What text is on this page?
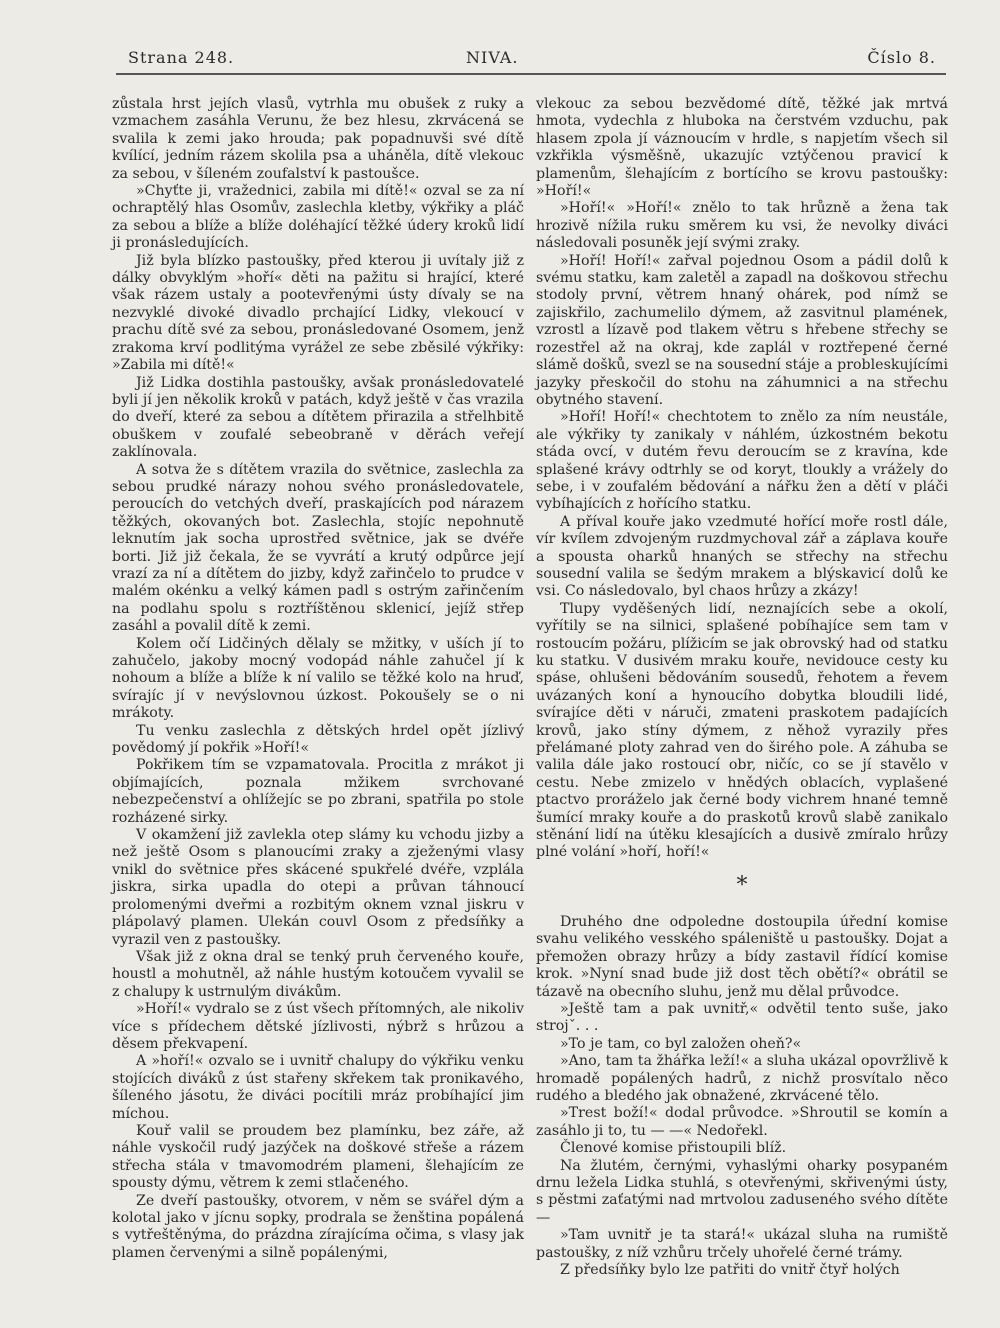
Strana 248.	NIVA.	Číslo 8.

zůstala hrst jejích vlasů, vytrhla mu obušek z ruky a vzmachem zasáhla Verunu, že bez hlesu, zkrvácená se svalila k zemi jako hrouda; pak popadnuvši své dítě kvílící, jedním rázem skolila psa a uháněla, dítě vlekouc za sebou, v šíleném zoufalství k pastoušce.

»Chyťte ji, vražednici, zabila mi dítě!« ozval se za ní ochraptělý hlas Osomův, zaslechla kletby, výkřiky a pláč za sebou a blíže a blíže doléhající těžké údery kroků lidí ji pronásledujících.

Již byla blízko pastoušky, před kterou ji uvítaly již z dálky obvyklým »hoří« děti na pažitu si hrající, které však rázem ustaly a pootevřenými ústy dívaly se na nezvyklé divoké divadlo prchající Lidky, vlekoucí v prachu dítě své za sebou, pronásledované Osomem, jenž zrakoma krví podlitýma vyrážel ze sebe zběsilé výkřiky: »Zabila mi dítě!«

Již Lidka dostihla pastoušky, avšak pronásledovatelé byli jí jen několik kroků v patách, když ještě v čas vrazila do dveří, které za sebou a dítětem přirazila a střelhbitě obuškem v zoufalé sebeobraně v děrách veřejí zaklínovala.

A sotva že s dítětem vrazila do světnice, zaslechla za sebou prudké nárazy nohou svého pronásledovatele, peroucích do vetchých dveří, praskajících pod nárazem těžkých, okovaných bot. Zaslechla, stojíc nepohnutě leknutím jak socha uprostřed světnice, jak se dvéře borti. Již již čekala, že se vyvrátí a krutý odpůrce její vrazí za ní a dítětem do jizby, když zařinčelo to prudce v malém okénku a velký kámen padl s ostrým zařinčením na podlahu spolu s roztříštěnou sklenicí, jejíž střep zasáhl a povalil dítě k zemi.

Kolem očí Lidčiných dělaly se mžitky, v uších jí to zahučelo, jakoby mocný vodopád náhle zahučel jí k nohoum a blíže a blíže k ní valilo se těžké kolo na hruď, svírajíc jí v nevýslovnou úzkost. Pokoušely se o ni mrákoty.

Tu venku zaslechla z dětských hrdel opět jízlivý povědomý jí pokřik »Hoří!«

Pokřikem tím se vzpamatovala. Procitla z mrákot ji objímajících, poznala mžikem svrchované nebezpečenství a ohlížejíc se po zbrani, spatřila po stole rozházené sirky.

V okamžení již zavlekla otep slámy ku vchodu jizby a než ještě Osom s planoucími zraky a zježenými vlasy vnikl do světnice přes skácené spukřelé dvéře, vzplála jiskra, sirka upadla do otepi a průvan táhnoucí prolomenými dveřmi a rozbitým oknem vznal jiskru v plápolavý plamen. Ulekán couvl Osom z předsíňky a vyrazil ven z pastoušky.

Však již z okna dral se tenký pruh červeného kouře, houstl a mohutněl, až náhle hustým kotoučem vyvalil se z chalupy k ustrnulým divákům.

»Hoří!« vydralo se z úst všech přítomných, ale nikoliv více s přídechem dětské jízlivosti, nýbrž s hrůzou a děsem překvapení.

A »hoří!« ozvalo se i uvnitř chalupy do výkřiku venku stojících diváků z úst stařeny skřekem tak pronikavého, šíleného jásotu, že diváci pocítili mráz probíhající jim míchou.

Kouř valil se proudem bez plamínku, bez záře, až náhle vyskočil rudý jazýček na doškové střeše a rázem střecha stála v tmavomodrém plameni, šlehajícím ze spousty dýmu, větrem k zemi stlačeného.

Ze dveří pastoušky, otvorem, v něm se svářel dým a kolotal jako v jícnu sopky, prodrala se ženština popálená s vytřeštěnýma, do prázdna zírajícíma očima, s vlasy jak plamen červenými a silně popálenými,

vlekouc za sebou bezvědomé dítě, těžké jak mrtvá hmota, vydechla z hluboka na čerstvém vzduchu, pak hlasem zpola jí váznoucím v hrdle, s napjetím všech sil vzkřikla výsměšně, ukazujíc vztýčenou pravicí k plamenům, šlehajícím z bortícího se krovu pastoušky: »Hoří!«

»Hoří!« »Hoří!« znělo to tak hrůzně a žena tak hrozivě nížila ruku směrem ku vsi, že nevolky diváci následovali posuněk její svými zraky.

»Hoří! Hoří!« zařval pojednou Osom a pádil dolů k svému statku, kam zaletěl a zapadl na doškovou střechu stodoly první, větrem hnaný ohárek, pod nímž se zajiskřilo, zachumelilo dýmem, až zasvitnul plamének, vzrostl a lízavě pod tlakem větru s hřebene střechy se rozestřel až na okraj, kde zaplál v roztřepené černé slámě došků, svezl se na sousední stáje a probleskujícími jazyky přeskočil do stohu na záhumnici a na střechu obytného stavení.

»Hoří! Hoří!« chechtotem to znělo za ním neustále, ale výkřiky ty zanikaly v náhlém, úzkostném bekotu stáda ovcí, v dutém řevu deroucím se z kravína, kde splašené krávy odtrhly se od koryt, tloukly a vrážely do sebe, i v zoufalém bědování a nářku žen a dětí v pláči vybíhajících z hořícího statku.

A příval kouře jako vzedmuté hořící moře rostl dále, vír kvílem zdvojeným ruzdmychoval zář a záplava kouře a spousta oharků hnaných se střechy na střechu sousední valila se šedým mrakem a blýskavicí dolů ke vsi. Co následovalo, byl chaos hrůzy a zkázy!

Tlupy vyděšených lidí, neznajících sebe a okolí, vyřítily se na silnici, splašené pobíhajíce sem tam v rostoucím požáru, plížicím se jak obrovský had od statku ku statku. V dusivém mraku kouře, nevidouce cesty ku spáse, ohlušeni bědováním sousedů, řehotem a řevem uvázaných koní a hynoucího dobytka bloudili lidé, svírajíce děti v náruči, zmateni praskotem padajících krovů, jako stíny dýmem, z něhož vyrazily přes přelámané ploty zahrad ven do širého pole. A záhuba se valila dále jako rostoucí obr, ničíc, co se jí stavělo v cestu. Nebe zmizelo v hnědých oblacích, vyplašené ptactvo proráželo jak černé body vichrem hnané temně šumící mraky kouře a do praskotů krovů slabě zanikalo stěnání lidí na útěku klesajících a dusivě zmíralo hrůzy plné volání »hoří, hoří!«

*

Druhého dne odpoledne dostoupila úřední komise svahu velikého vesského spáleniště u pastoušky. Dojat a přemožen obrazy hrůzy a bídy zastavil řídící komise krok. »Nyní snad bude již dost těch obětí?« obrátil se tázavě na obecního sluhu, jenž mu dělal průvodce.

»Ještě tam a pak uvnitř,« odvětil tento suše, jako strojˇ. . .

»To je tam, co byl založen oheň?«

»Ano, tam ta žhářka leží!« a sluha ukázal opovržlivě k hromadě popálených hadrů, z nichž prosvítalo něco rudého a bledého jak obnažené, zkrvácené tělo.

»Trest boží!« dodal průvodce. »Shroutil se komín a zasáhlo ji to, tu — —« Nedořekl.

Členové komise přistoupili blíž.

Na žlutém, černými, vyhaslými oharky posypaném drnu ležela Lidka stuhlá, s otevřenými, skřivenými ústy, s pěstmi zaťatými nad mrtvolou zaduseného svého dítěte —

»Tam uvnitř je ta stará!« ukázal sluha na rumiště pastoušky, z níž vzhůru trčely uhořelé černé trámy.

Z předsíňky bylo lze patřiti do vnitř čtyř holých
